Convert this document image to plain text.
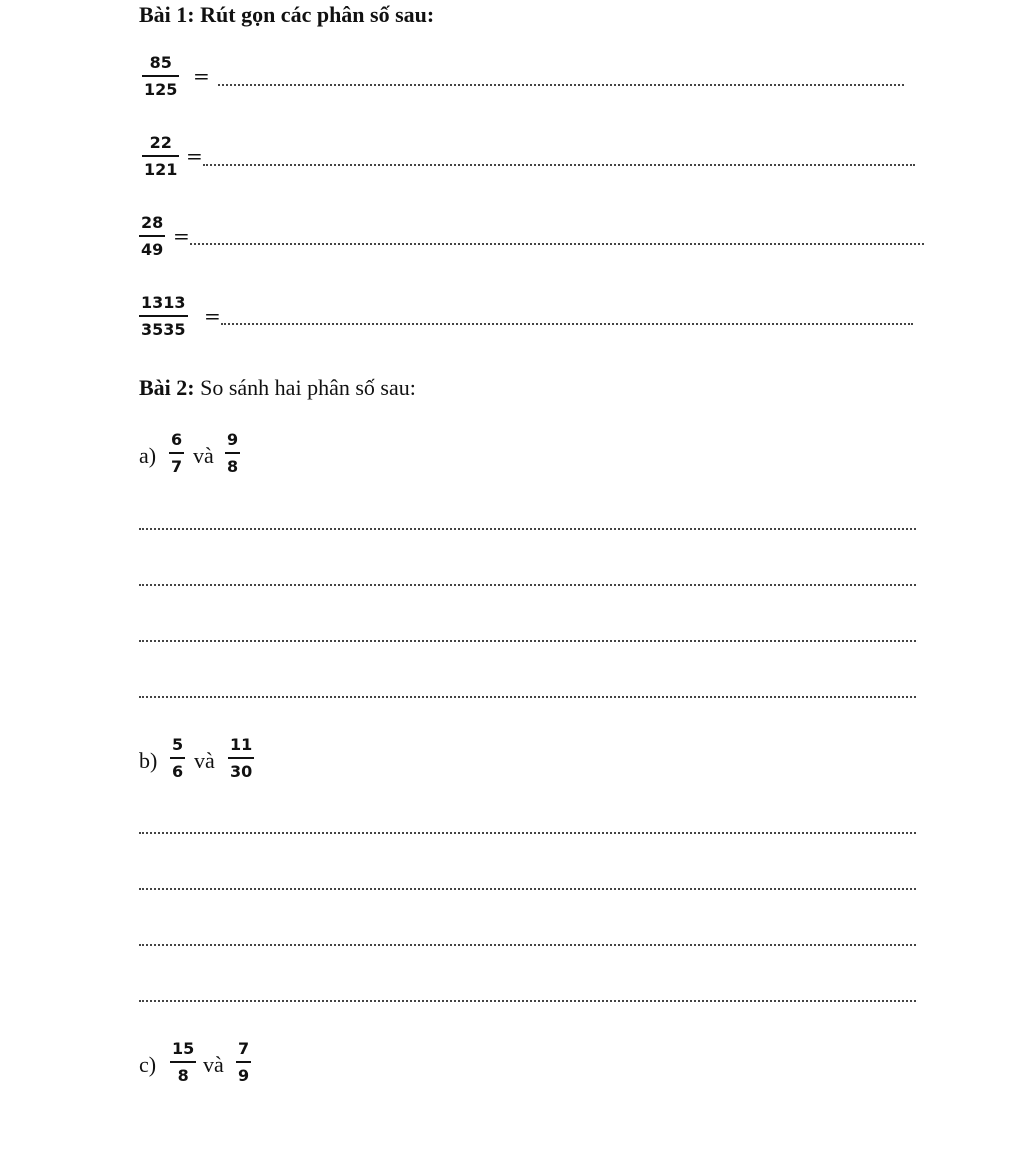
Bài 1: Rút gọn các phân số sau:
85
125
=
22
121
=
28
49
=
1313
3535
=
Bài 2: So sánh hai phân số sau:
a)
6
7 và
9
8
b)
5
6 và
11
30
c)
15
8 và
7
9
